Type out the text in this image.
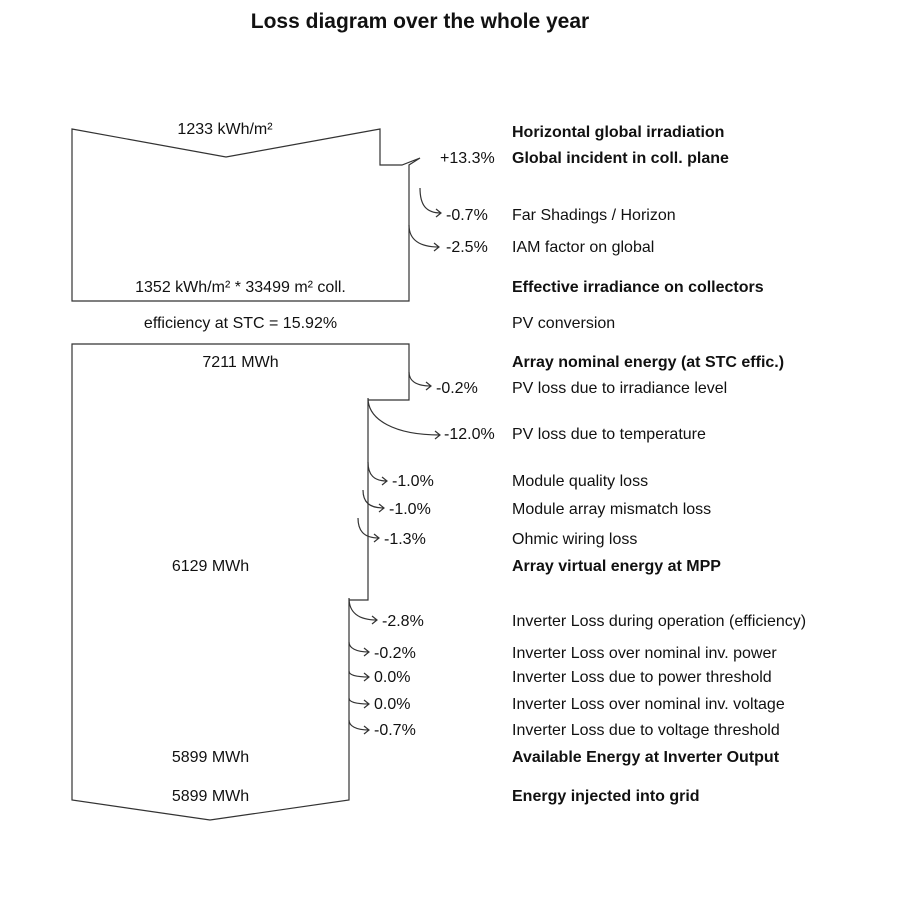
Loss diagram over the whole year
1233 kWh/m²
1352 kWh/m² * 33499 m² coll.
efficiency at STC = 15.92%
7211 MWh
6129 MWh
5899 MWh
5899 MWh
+13.3%
-0.7%
-2.5%
-0.2%
-12.0%
-1.0%
-1.0%
-1.3%
-2.8%
-0.2%
0.0%
0.0%
-0.7%
Horizontal global irradiation
Global incident in coll. plane
Far Shadings / Horizon
IAM factor on global
Effective irradiance on collectors
PV conversion
Array nominal energy (at STC effic.)
PV loss due to irradiance level
PV loss due to temperature
Module quality loss
Module array mismatch loss
Ohmic wiring loss
Array virtual energy at MPP
Inverter Loss during operation (efficiency)
Inverter Loss over nominal inv. power
Inverter Loss due to power threshold
Inverter Loss over nominal inv. voltage
Inverter Loss due to voltage threshold
Available Energy at Inverter Output
Energy injected into grid
